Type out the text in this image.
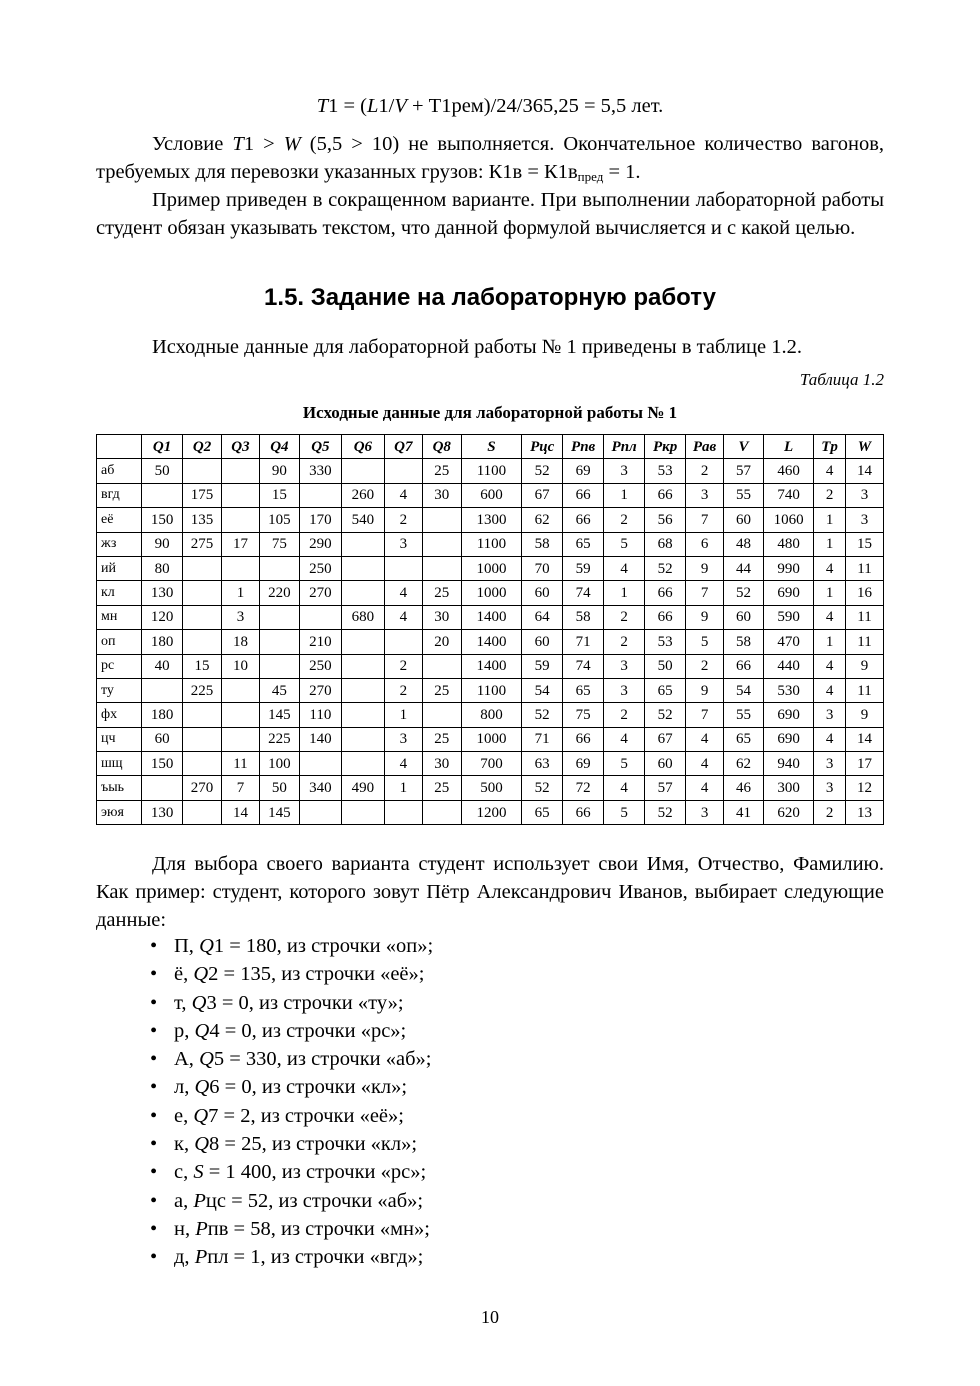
T1 = (L1/V + Т1рем)/24/365,25 = 5,5 лет.
Условие T1 > W (5,5 > 10) не выполняется. Окончательное количество вагонов, требуемых для перевозки указанных грузов: $К1в = К1в_{пред} = 1$.
Пример приведен в сокращенном варианте. При выполнении лабораторной работы студент обязан указывать текстом, что данной формулой вычисляется и с какой целью.
1.5. Задание на лабораторную работу
Исходные данные для лабораторной работы № 1 приведены в таблице 1.2.
Таблица 1.2
Исходные данные для лабораторной работы № 1
	Q1	Q2	Q3	Q4	Q5	Q6	Q7	Q8	S	Pцс	Pпв	Pпл	Pкр	Pав	V	L	Tр	W
аб	50			90	330			25	1100	52	69	3	53	2	57	460	4	14
вгд		175		15		260	4	30	600	67	66	1	66	3	55	740	2	3
её	150	135		105	170	540	2		1300	62	66	2	56	7	60	1060	1	3
жз	90	275	17	75	290		3		1100	58	65	5	68	6	48	480	1	15
ий	80				250				1000	70	59	4	52	9	44	990	4	11
кл	130		1	220	270		4	25	1000	60	74	1	66	7	52	690	1	16
мн	120		3			680	4	30	1400	64	58	2	66	9	60	590	4	11
оп	180		18		210			20	1400	60	71	2	53	5	58	470	1	11
рс	40	15	10		250		2		1400	59	74	3	50	2	66	440	4	9
ту		225		45	270		2	25	1100	54	65	3	65	9	54	530	4	11
фх	180			145	110		1		800	52	75	2	52	7	55	690	3	9
цч	60			225	140		3	25	1000	71	66	4	67	4	65	690	4	14
шщ	150		11	100			4	30	700	63	69	5	60	4	62	940	3	17
ъыь		270	7	50	340	490	1	25	500	52	72	4	57	4	46	300	3	12
эюя	130		14	145					1200	65	66	5	52	3	41	620	2	13
Для выбора своего варианта студент использует свои Имя, Отчество, Фамилию. Как пример: студент, которого зовут Пётр Александрович Иванов, выбирает следующие данные:
• П, Q1 = 180, из строчки «оп»;
• ё, Q2 = 135, из строчки «её»;
• т, Q3 = 0, из строчки «ту»;
• р, Q4 = 0, из строчки «рс»;
• А, Q5 = 330, из строчки «аб»;
• л, Q6 = 0, из строчки «кл»;
• е, Q7 = 2, из строчки «её»;
• к, Q8 = 25, из строчки «кл»;
• с, S = 1 400, из строчки «рс»;
• а, Pцс = 52, из строчки «аб»;
• н, Pпв = 58, из строчки «мн»;
• д, Pпл = 1, из строчки «вгд»;
10
